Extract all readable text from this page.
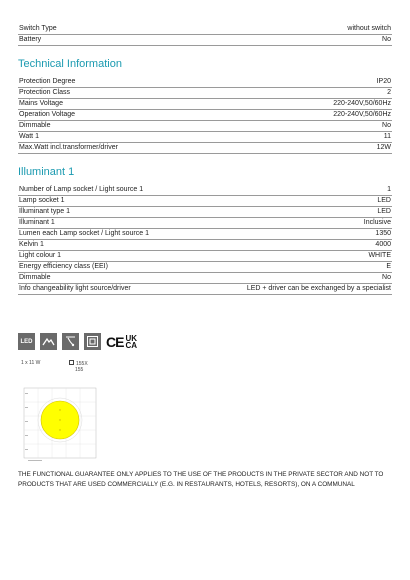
Switch Type	without switch
Battery	No
Technical Information
Protection Degree	IP20
Protection Class	2
Mains Voltage	220-240V,50/60Hz
Operation Voltage	220-240V,50/60Hz
Dimmable	No
Watt 1	11
Max.Watt incl.transformer/driver	12W
Illuminant 1
Number of Lamp socket / Light source 1	1
Lamp socket 1	LED
Illuminant type 1	LED
Illuminant 1	Inclusive
Lumen each Lamp socket / Light source 1	1350
Kelvin 1	4000
Light colour 1	WHITE
Energy efficiency class (EEI)	E
Dimmable	No
Info changeability light source/driver	LED + driver can be exchanged by a specialist
LED	CE UK
CA
1 x 11 W	155X
155
THE FUNCTIONAL GUARANTEE ONLY APPLIES TO THE USE OF THE PRODUCTS IN THE PRIVATE SECTOR AND NOT TO PRODUCTS THAT ARE USED COMMERCIALLY (E.G. IN RESTAURANTS, HOTELS, RESORTS), ON A COMMUNAL
